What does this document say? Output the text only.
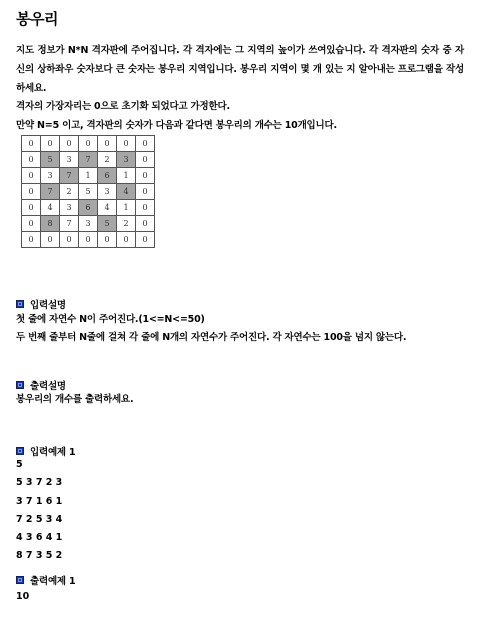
봉우리
지도 정보가 N*N 격자판에 주어집니다. 각 격자에는 그 지역의 높이가 쓰여있습니다. 각 격자판의 숫자 중 자신의 상하좌우 숫자보다 큰 숫자는 봉우리 지역입니다. 봉우리 지역이 몇 개 있는 지 알아내는 프로그램을 작성하세요.
격자의 가장자리는 0으로 초기화 되었다고 가정한다.
만약 N=5 이고, 격자판의 숫자가 다음과 같다면 봉우리의 개수는 10개입니다.
0	0	0	0	0	0	0
0	5	3	7	2	3	0
0	3	7	1	6	1	0
0	7	2	5	3	4	0
0	4	3	6	4	1	0
0	8	7	3	5	2	0
0	0	0	0	0	0	0
입력설명
첫 줄에 자연수 N이 주어진다.(1<=N<=50)
두 번째 줄부터 N줄에 걸쳐 각 줄에 N개의 자연수가 주어진다. 각 자연수는 100을 넘지 않는다.
출력설명
봉우리의 개수를 출력하세요.
입력예제 1
5
5 3 7 2 3
3 7 1 6 1
7 2 5 3 4
4 3 6 4 1
8 7 3 5 2
출력예제 1
10
